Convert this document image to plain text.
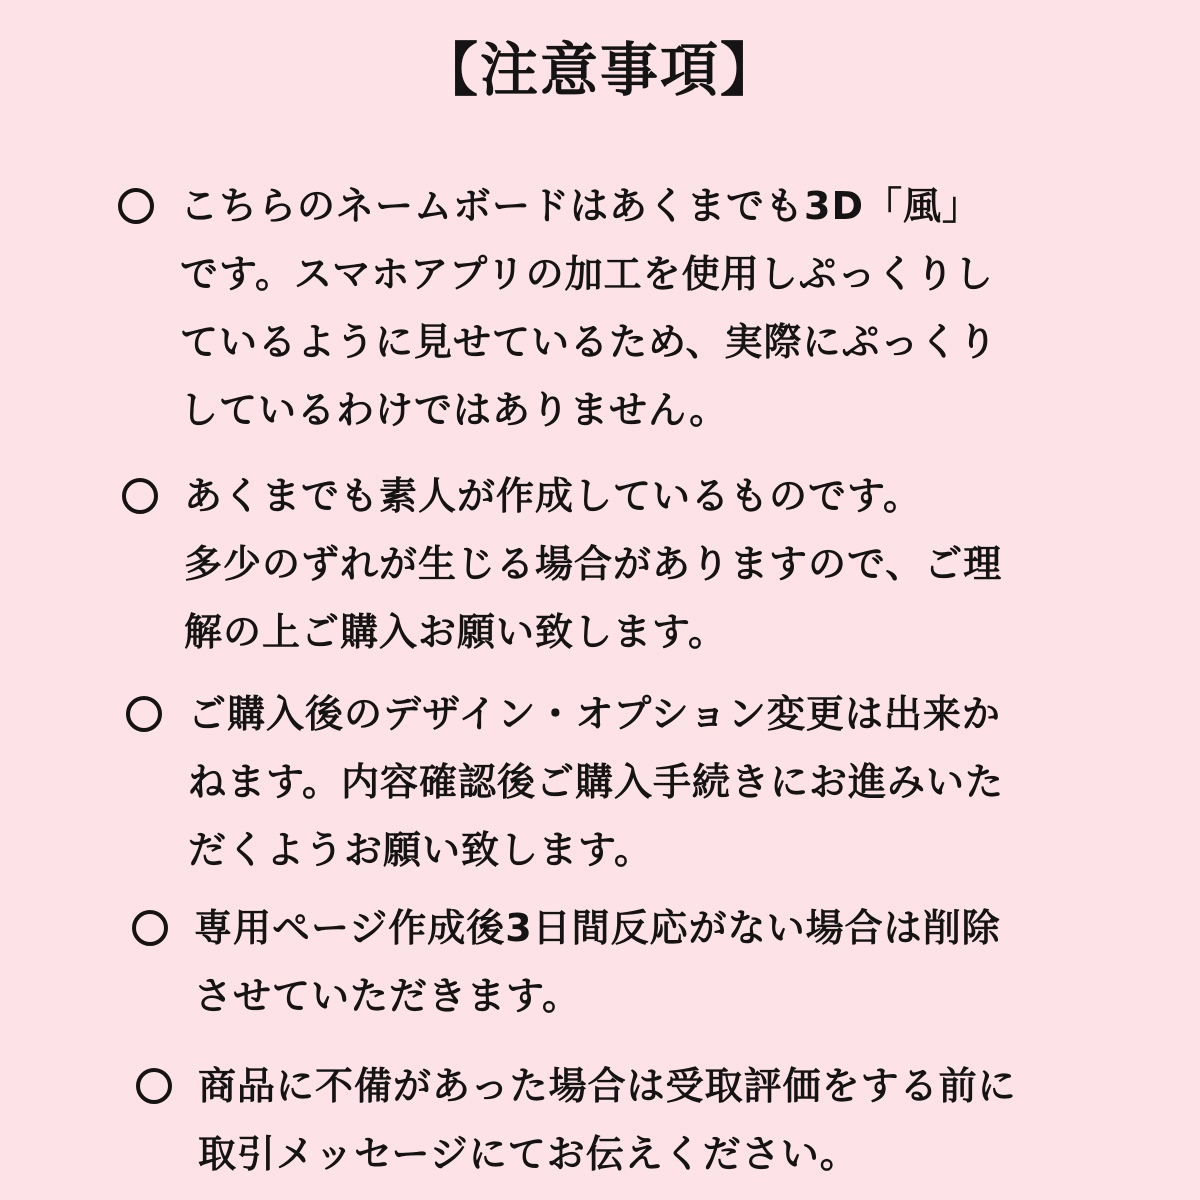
【注意事項】
こちらのネームボードはあくまでも3D「風」
です。スマホアプリの加工を使用しぷっくりし
ているように見せているため、実際にぷっくり
しているわけではありません。
あくまでも素人が作成しているものです。
多少のずれが生じる場合がありますので、ご理
解の上ご購入お願い致します。
ご購入後のデザイン・オプション変更は出来か
ねます。内容確認後ご購入手続きにお進みいた
だくようお願い致します。
専用ページ作成後3日間反応がない場合は削除
させていただきます。
商品に不備があった場合は受取評価をする前に
取引メッセージにてお伝えください。
